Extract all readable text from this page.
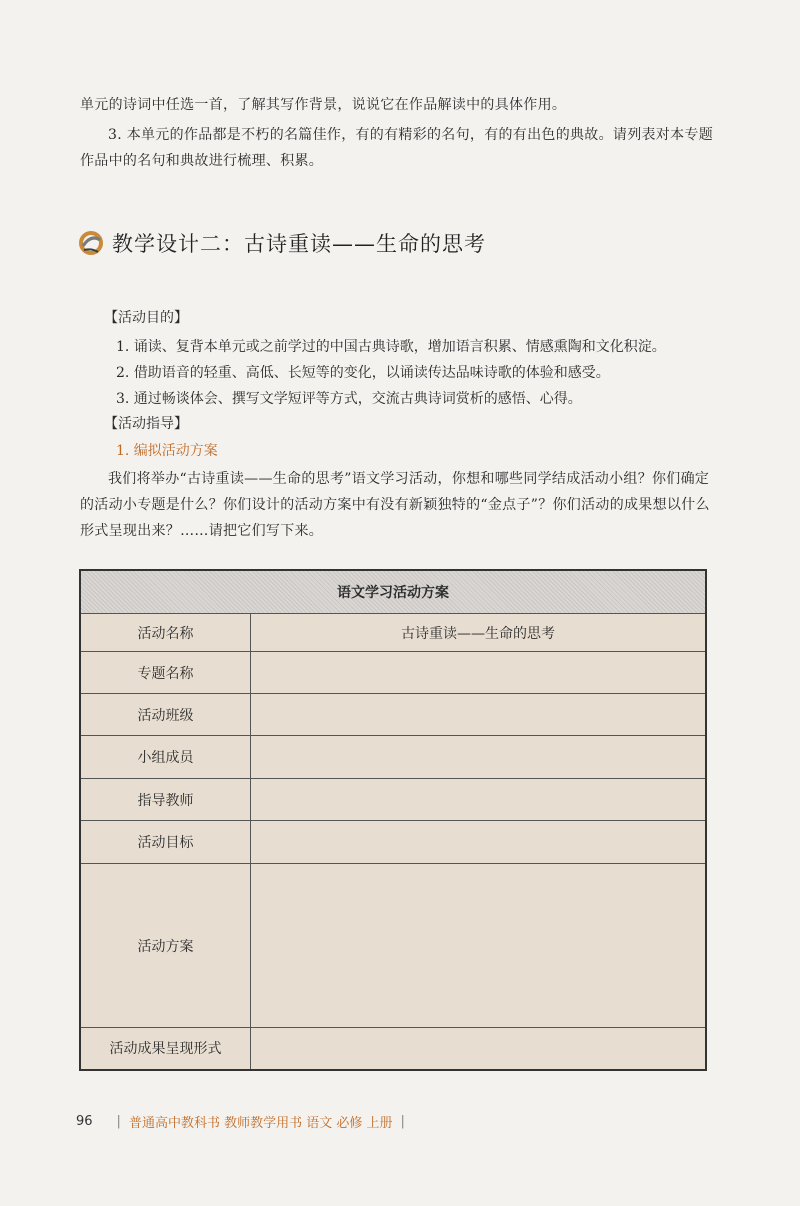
单元的诗词中任选一首，了解其写作背景，说说它在作品解读中的具体作用。

3. 本单元的作品都是不朽的名篇佳作，有的有精彩的名句，有的有出色的典故。请列表对本专题作品中的名句和典故进行梳理、积累。

教学设计二：古诗重读——生命的思考
【活动目的】
1. 诵读、复背本单元或之前学过的中国古典诗歌，增加语言积累、情感熏陶和文化积淀。
2. 借助语音的轻重、高低、长短等的变化，以诵读传达品味诗歌的体验和感受。
3. 通过畅谈体会、撰写文学短评等方式，交流古典诗词赏析的感悟、心得。
【活动指导】
1. 编拟活动方案

我们将举办“古诗重读——生命的思考”语文学习活动，你想和哪些同学结成活动小组？你们确定的活动小专题是什么？你们设计的活动方案中有没有新颖独特的“金点子”？你们活动的成果想以什么形式呈现出来？……请把它们写下来。

语文学习活动方案	
活动名称	古诗重读——生命的思考
专题名称	
活动班级	
小组成员	
指导教师	
活动目标	
活动方案	
活动成果呈现形式	
96 | 普通高中教科书 教师教学用书 语文 必修 上册 |
